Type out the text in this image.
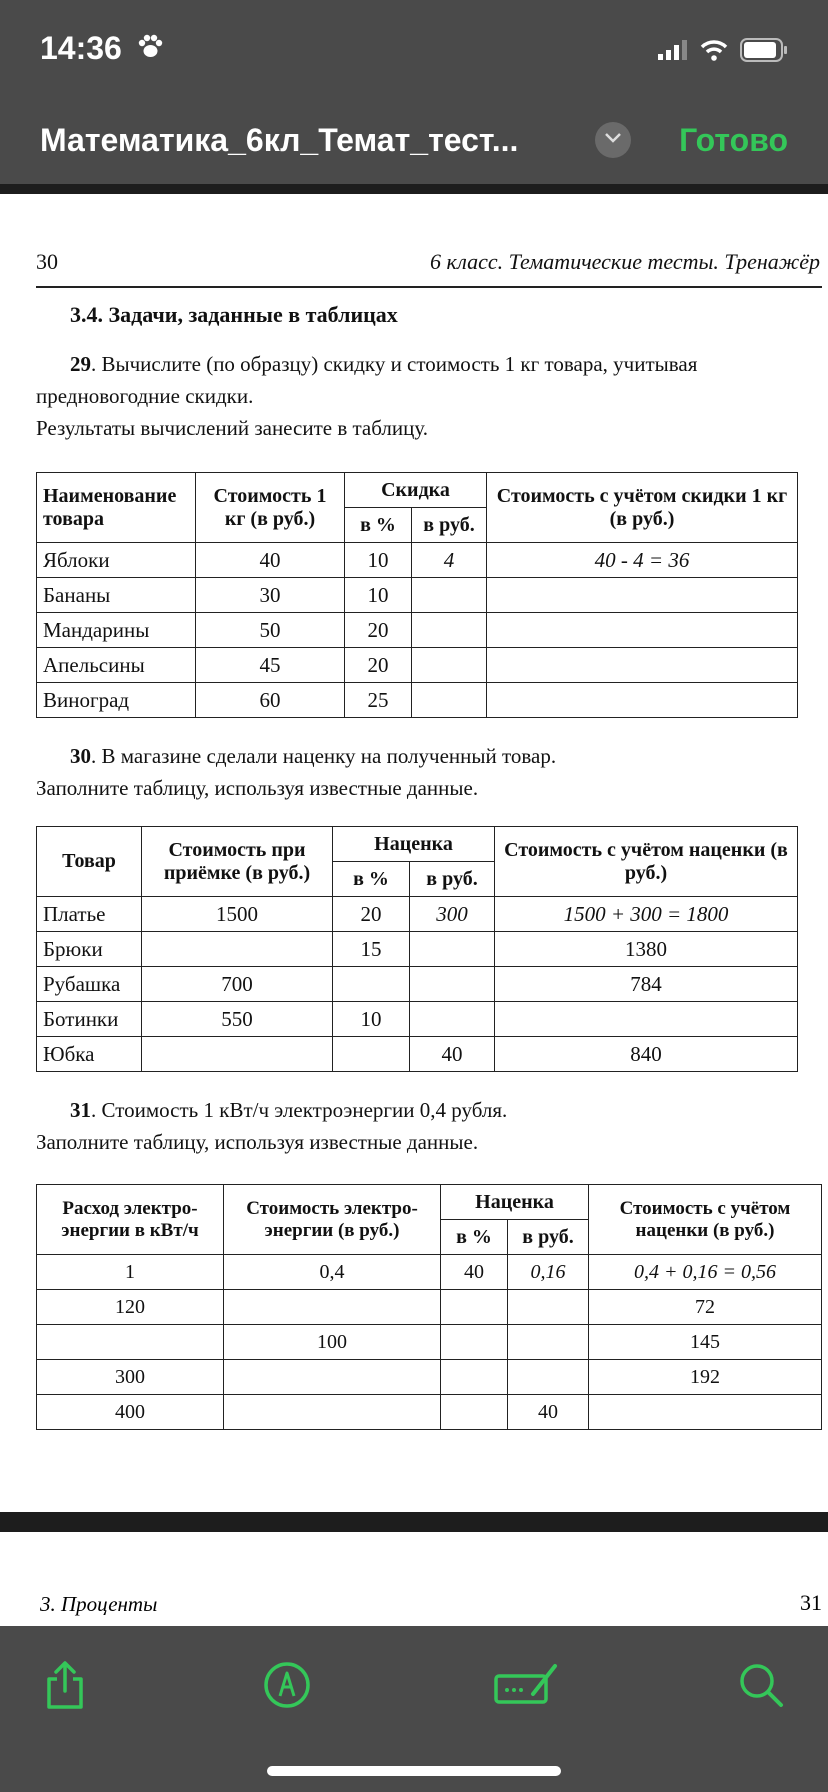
14:36
Математика_6кл_Темат_тест...	Готово
30	6 класс. Тематические тесты. Тренажёр
3.4. Задачи, заданные в таблицах
29. Вычислите (по образцу) скидку и стоимость 1 кг товара, учитывая
предновогодние скидки.
Результаты вычислений занесите в таблицу.
Наименование товара	Стоимость 1 кг (в руб.)	Скидка		Стоимость с учётом скидки 1 кг (в руб.)
		в %	в руб.	
Яблоки	40	10	4	40 - 4 = 36
Бананы	30	10		
Мандарины	50	20		
Апельсины	45	20		
Виноград	60	25		
30. В магазине сделали наценку на полученный товар.
Заполните таблицу, используя известные данные.
Товар	Стоимость при приёмке (в руб.)	Наценка		Стоимость с учётом наценки (в руб.)
		в %	в руб.	
Платье	1500	20	300	1500 + 300 = 1800
Брюки		15		1380
Рубашка	700			784
Ботинки	550	10		
Юбка			40	840
31. Стоимость 1 кВт/ч электроэнергии 0,4 рубля.
Заполните таблицу, используя известные данные.
Расход электро- энергии в кВт/ч	Стоимость электро- энергии (в руб.)	Наценка		Стоимость с учётом наценки (в руб.)
		в %	в руб.	
1	0,4	40	0,16	0,4 + 0,16 = 0,56
120				72
	100			145
300				192
400			40	
3. Проценты	31
